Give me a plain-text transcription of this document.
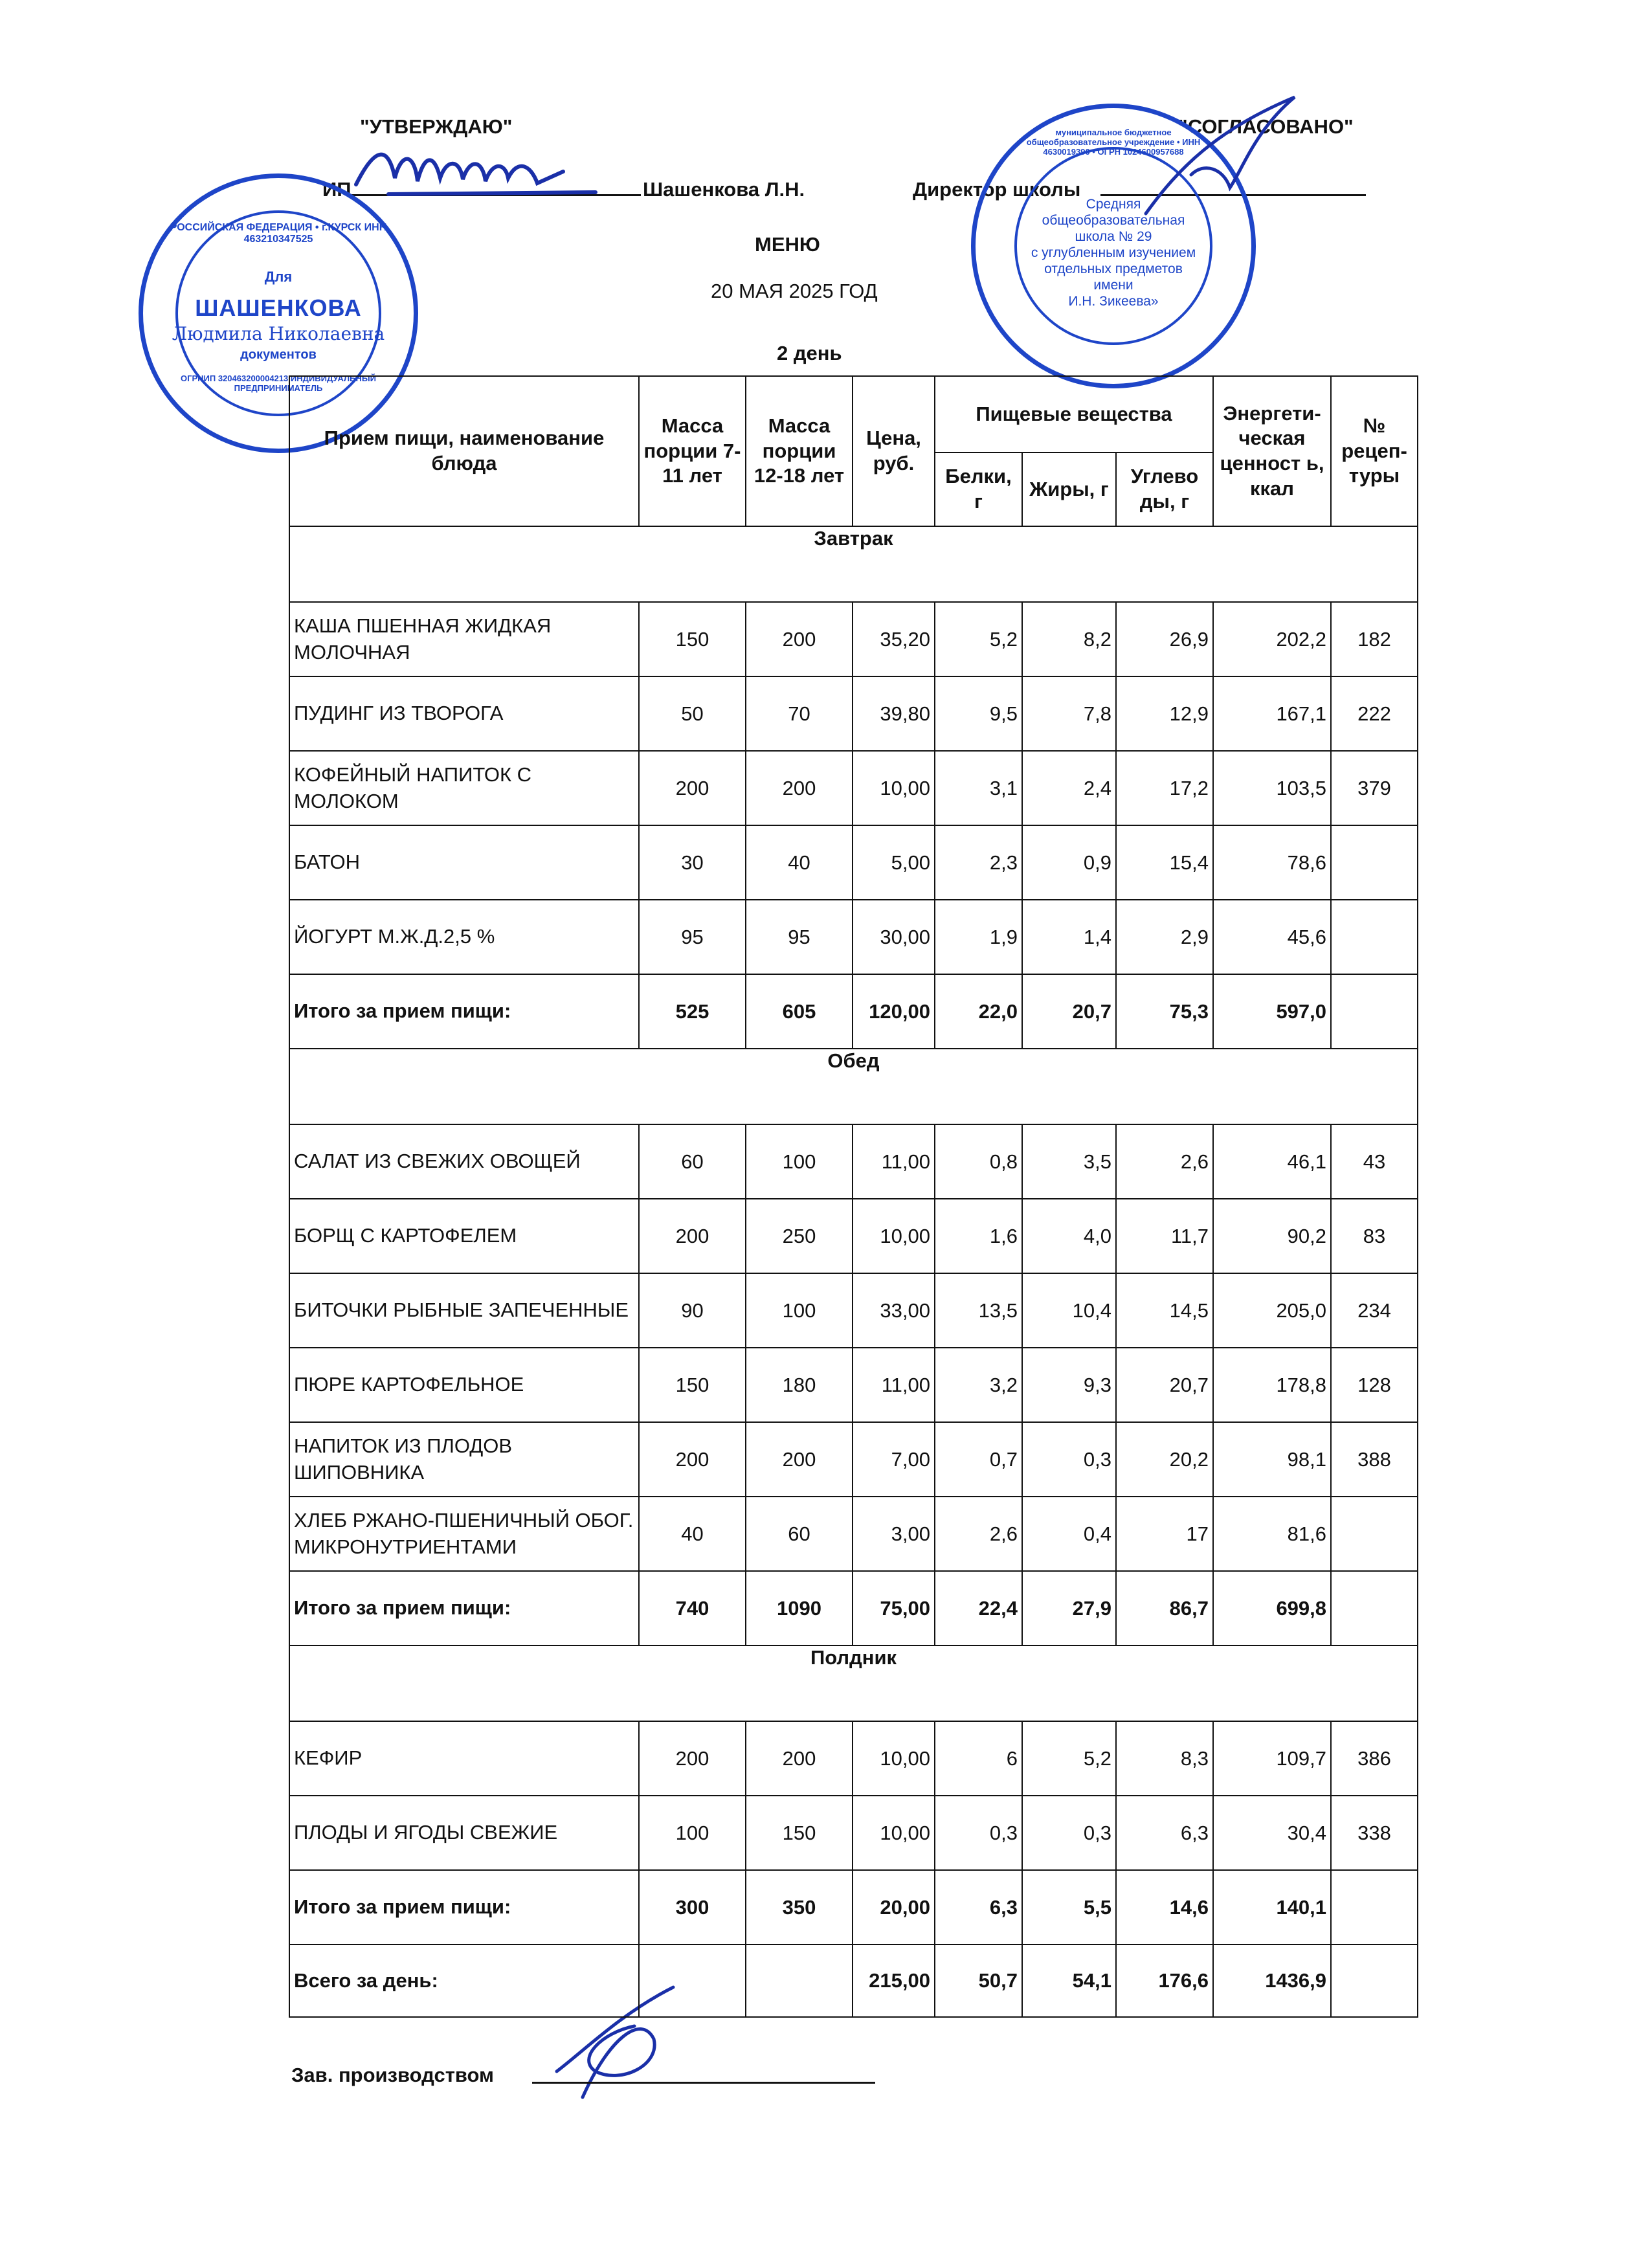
"УТВЕРЖДАЮ"	"СОГЛАСОВАНО"
ИП	Шашенкова Л.Н.	Директор школы
МЕНЮ
20 МАЯ 2025 ГОД
2 день
РОССИЙСКАЯ ФЕДЕРАЦИЯ • г.КУРСК ИНН 463210347525
Для
ШАШЕНКОВА
Людмила Николаевна
документов
ОГРНИП 320463200004213 ИНДИВИДУАЛЬНЫЙ ПРЕДПРИНИМАТЕЛЬ
муниципальное бюджетное общеобразовательное учреждение • ИНН 4630019390 • ОГРН 1024600957688
Средняя
общеобразовательная
школа № 29
с углубленным изучением
отдельных предметов
имени
И.Н. Зикеева»
Прием пищи, наименование блюда	Масса порции 7-11 лет	Масса порции 12-18 лет	Цена, руб.	Пищевые вещества			Энергети-ческая ценност ь, ккал	№ рецеп-туры
				Белки, г	Жиры, г	Углево ды, г		
Завтрак								
КАША ПШЕННАЯ ЖИДКАЯ МОЛОЧНАЯ	150	200	35,20	5,2	8,2	26,9	202,2	182
ПУДИНГ ИЗ ТВОРОГА	50	70	39,80	9,5	7,8	12,9	167,1	222
КОФЕЙНЫЙ НАПИТОК С МОЛОКОМ	200	200	10,00	3,1	2,4	17,2	103,5	379
БАТОН	30	40	5,00	2,3	0,9	15,4	78,6	
ЙОГУРТ М.Ж.Д.2,5 %	95	95	30,00	1,9	1,4	2,9	45,6	
Итого за прием пищи:	525	605	120,00	22,0	20,7	75,3	597,0	
Обед								
САЛАТ ИЗ СВЕЖИХ ОВОЩЕЙ	60	100	11,00	0,8	3,5	2,6	46,1	43
БОРЩ С КАРТОФЕЛЕМ	200	250	10,00	1,6	4,0	11,7	90,2	83
БИТОЧКИ РЫБНЫЕ ЗАПЕЧЕННЫЕ	90	100	33,00	13,5	10,4	14,5	205,0	234
ПЮРЕ КАРТОФЕЛЬНОЕ	150	180	11,00	3,2	9,3	20,7	178,8	128
НАПИТОК ИЗ ПЛОДОВ ШИПОВНИКА	200	200	7,00	0,7	0,3	20,2	98,1	388
ХЛЕБ РЖАНО-ПШЕНИЧНЫЙ ОБОГ. МИКРОНУТРИЕНТАМИ	40	60	3,00	2,6	0,4	17	81,6	
Итого за прием пищи:	740	1090	75,00	22,4	27,9	86,7	699,8	
Полдник								
КЕФИР	200	200	10,00	6	5,2	8,3	109,7	386
ПЛОДЫ И ЯГОДЫ СВЕЖИЕ	100	150	10,00	0,3	0,3	6,3	30,4	338
Итого за прием пищи:	300	350	20,00	6,3	5,5	14,6	140,1	
Всего за день:			215,00	50,7	54,1	176,6	1436,9	
Зав. производством
